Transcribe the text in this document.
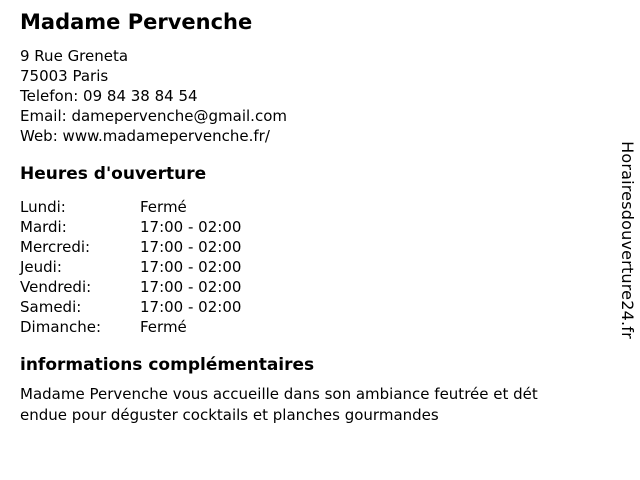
Madame Pervenche
9 Rue Greneta
75003 Paris
Telefon: 09 84 38 84 54
Email: damepervenche@gmail.com
Web: www.madamepervenche.fr/
Heures d'ouverture
Lundi:	Fermé
Mardi:	17:00 - 02:00
Mercredi:	17:00 - 02:00
Jeudi:	17:00 - 02:00
Vendredi:	17:00 - 02:00
Samedi:	17:00 - 02:00
Dimanche:	Fermé
informations complémentaires
Madame Pervenche vous accueille dans son ambiance feutrée et dét
endue pour déguster cocktails et planches gourmandes
Horairesdouverture24.fr
